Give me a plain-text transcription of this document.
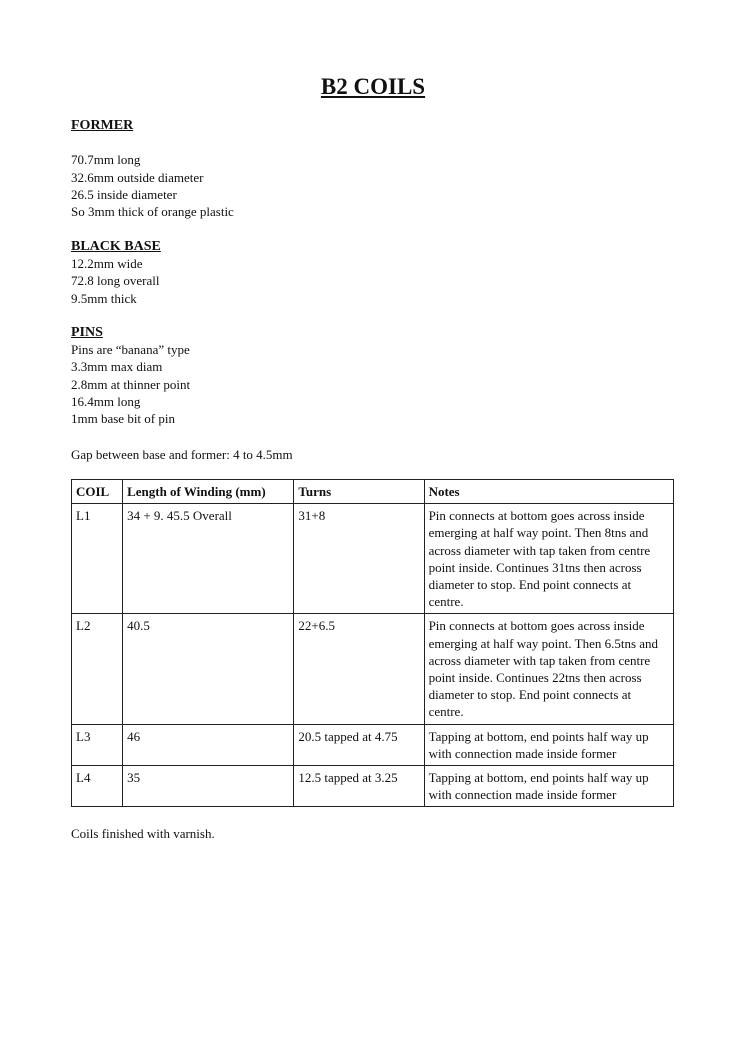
B2 COILS
FORMER
70.7mm long
32.6mm outside diameter
26.5 inside diameter
So 3mm thick of orange plastic
BLACK BASE
12.2mm wide
72.8 long overall
9.5mm thick
PINS
Pins are “banana” type
3.3mm max diam
2.8mm at thinner point
16.4mm long
1mm base bit of pin
Gap between base and former: 4 to 4.5mm
COIL	Length of Winding (mm)	Turns	Notes
L1	34 + 9. 45.5 Overall	31+8	Pin connects at bottom goes across inside emerging at half way point. Then 8tns and across diameter with tap taken from centre point inside. Continues 31tns then across diameter to stop. End point connects at centre.
L2	40.5	22+6.5	Pin connects at bottom goes across inside emerging at half way point. Then 6.5tns and across diameter with tap taken from centre point inside. Continues 22tns then across diameter to stop. End point connects at centre.
L3	46	20.5 tapped at 4.75	Tapping at bottom, end points half way up with connection made inside former
L4	35	12.5 tapped at 3.25	Tapping at bottom, end points half way up with connection made inside former
Coils finished with varnish.
